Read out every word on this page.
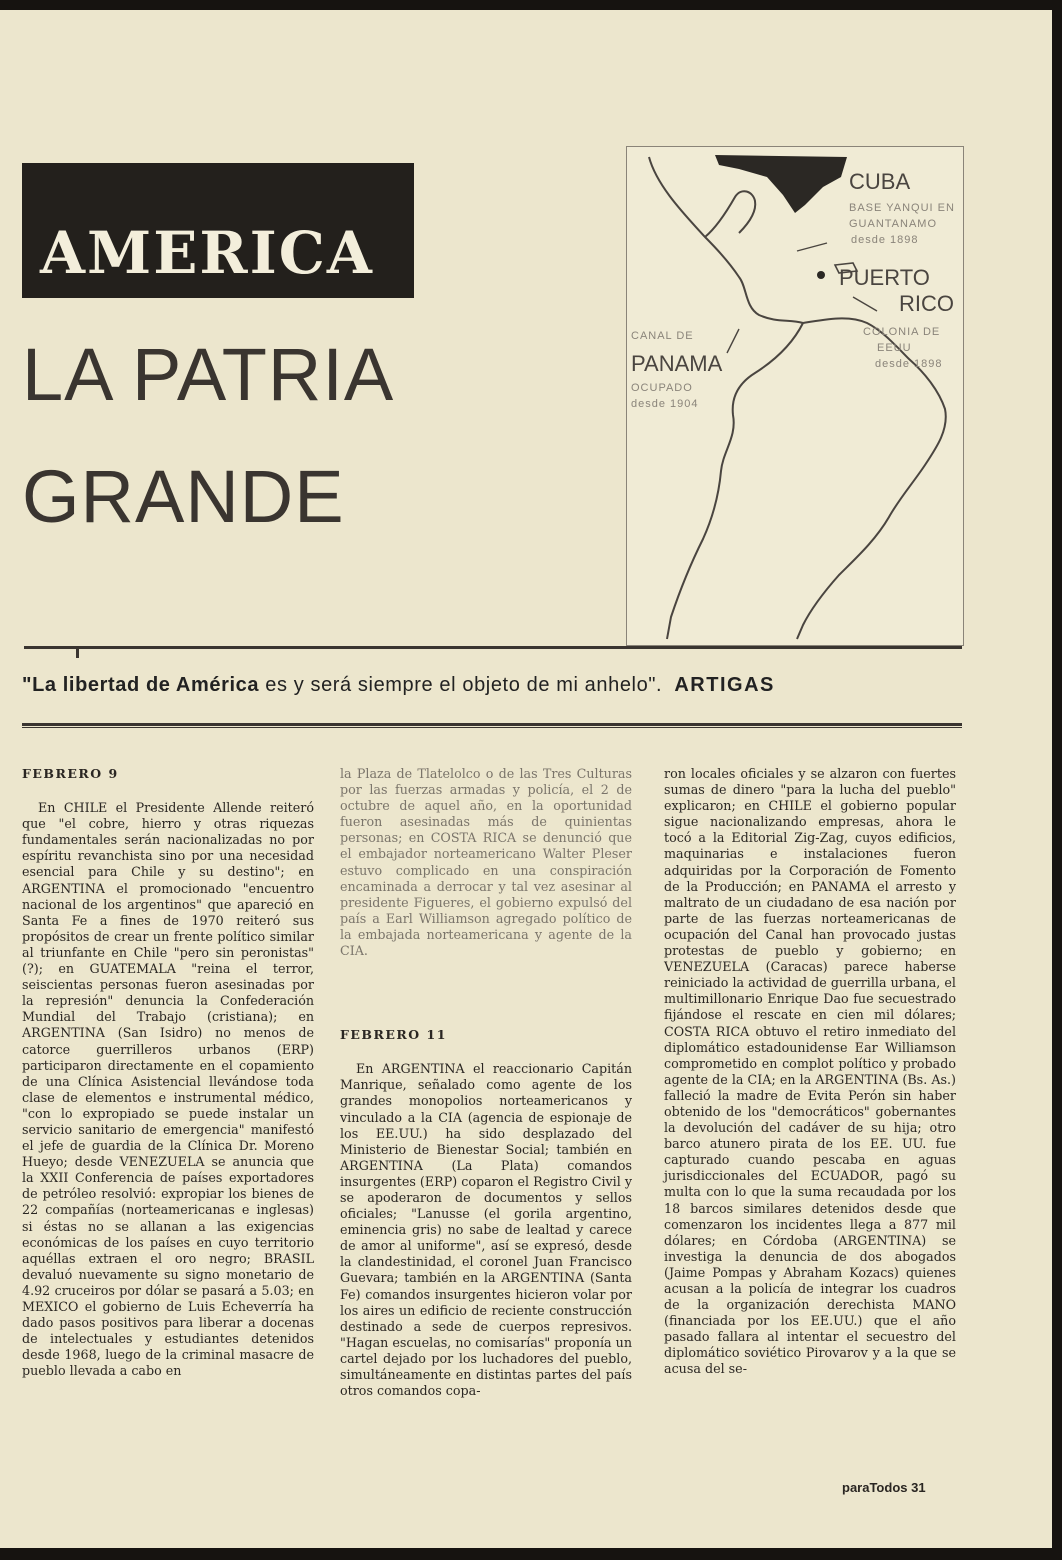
AMERICA
LA PATRIA
GRANDE
CUBA
BASE YANQUI EN
GUANTANAMO
desde 1898
PUERTO
RICO
COLONIA DE
EEUU
desde 1898
CANAL DE
PANAMA
OCUPADO
desde 1904
"La libertad de América es y será siempre el objeto de mi anhelo". ARTIGAS
FEBRERO 9

En CHILE el Presidente Allende reiteró que "el cobre, hierro y otras riquezas fundamentales serán nacionalizadas no por espíritu revanchista sino por una necesidad esencial para Chile y su destino"; en ARGENTINA el promocionado "encuentro nacional de los argentinos" que apareció en Santa Fe a fines de 1970 reiteró sus propósitos de crear un frente político similar al triunfante en Chile "pero sin peronistas" (?); en GUATEMALA "reina el terror, seiscientas personas fueron asesinadas por la represión" denuncia la Confederación Mundial del Trabajo (cristiana); en ARGENTINA (San Isidro) no menos de catorce guerrilleros urbanos (ERP) participaron directamente en el copamiento de una Clínica Asistencial llevándose toda clase de elementos e instrumental médico, "con lo expropiado se puede instalar un servicio sanitario de emergencia" manifestó el jefe de guardia de la Clínica Dr. Moreno Hueyo; desde VENEZUELA se anuncia que la XXII Conferencia de países exportadores de petróleo resolvió: expropiar los bienes de 22 compañías (norteamericanas e inglesas) si éstas no se allanan a las exigencias económicas de los países en cuyo territorio aquéllas extraen el oro negro; BRASIL devaluó nuevamente su signo monetario de 4.92 cruceiros por dólar se pasará a 5.03; en MEXICO el gobierno de Luis Echeverría ha dado pasos positivos para liberar a docenas de intelectuales y estudiantes detenidos desde 1968, luego de la criminal masacre de pueblo llevada a cabo en

la Plaza de Tlatelolco o de las Tres Culturas por las fuerzas armadas y policía, el 2 de octubre de aquel año, en la oportunidad fueron asesinadas más de quinientas personas; en COSTA RICA se denunció que el embajador norteamericano Walter Pleser estuvo complicado en una conspiración encaminada a derrocar y tal vez asesinar al presidente Figueres, el gobierno expulsó del país a Earl Williamson agregado político de la embajada norteamericana y agente de la CIA.

FEBRERO 11

En ARGENTINA el reaccionario Capitán Manrique, señalado como agente de los grandes monopolios norteamericanos y vinculado a la CIA (agencia de espionaje de los EE.UU.) ha sido desplazado del Ministerio de Bienestar Social; también en ARGENTINA (La Plata) comandos insurgentes (ERP) coparon el Registro Civil y se apoderaron de documentos y sellos oficiales; "Lanusse (el gorila argentino, eminencia gris) no sabe de lealtad y carece de amor al uniforme", así se expresó, desde la clandestinidad, el coronel Juan Francisco Guevara; también en la ARGENTINA (Santa Fe) comandos insurgentes hicieron volar por los aires un edificio de reciente construcción destinado a sede de cuerpos represivos. "Hagan escuelas, no comisarías" proponía un cartel dejado por los luchadores del pueblo, simultáneamente en distintas partes del país otros comandos copa-

ron locales oficiales y se alzaron con fuertes sumas de dinero "para la lucha del pueblo" explicaron; en CHILE el gobierno popular sigue nacionalizando empresas, ahora le tocó a la Editorial Zig-Zag, cuyos edificios, maquinarias e instalaciones fueron adquiridas por la Corporación de Fomento de la Producción; en PANAMA el arresto y maltrato de un ciudadano de esa nación por parte de las fuerzas norteamericanas de ocupación del Canal han provocado justas protestas de pueblo y gobierno; en VENEZUELA (Caracas) parece haberse reiniciado la actividad de guerrilla urbana, el multimillonario Enrique Dao fue secuestrado fijándose el rescate en cien mil dólares; COSTA RICA obtuvo el retiro inmediato del diplomático estadounidense Ear Williamson comprometido en complot político y probado agente de la CIA; en la ARGENTINA (Bs. As.) falleció la madre de Evita Perón sin haber obtenido de los "democráticos" gobernantes la devolución del cadáver de su hija; otro barco atunero pirata de los EE. UU. fue capturado cuando pescaba en aguas jurisdiccionales del ECUADOR, pagó su multa con lo que la suma recaudada por los 18 barcos similares detenidos desde que comenzaron los incidentes llega a 877 mil dólares; en Córdoba (ARGENTINA) se investiga la denuncia de dos abogados (Jaime Pompas y Abraham Kozacs) quienes acusan a la policía de integrar los cuadros de la organización derechista MANO (financiada por los EE.UU.) que el año pasado fallara al intentar el secuestro del diplomático soviético Pirovarov y a la que se acusa del se-

paraTodos 31
